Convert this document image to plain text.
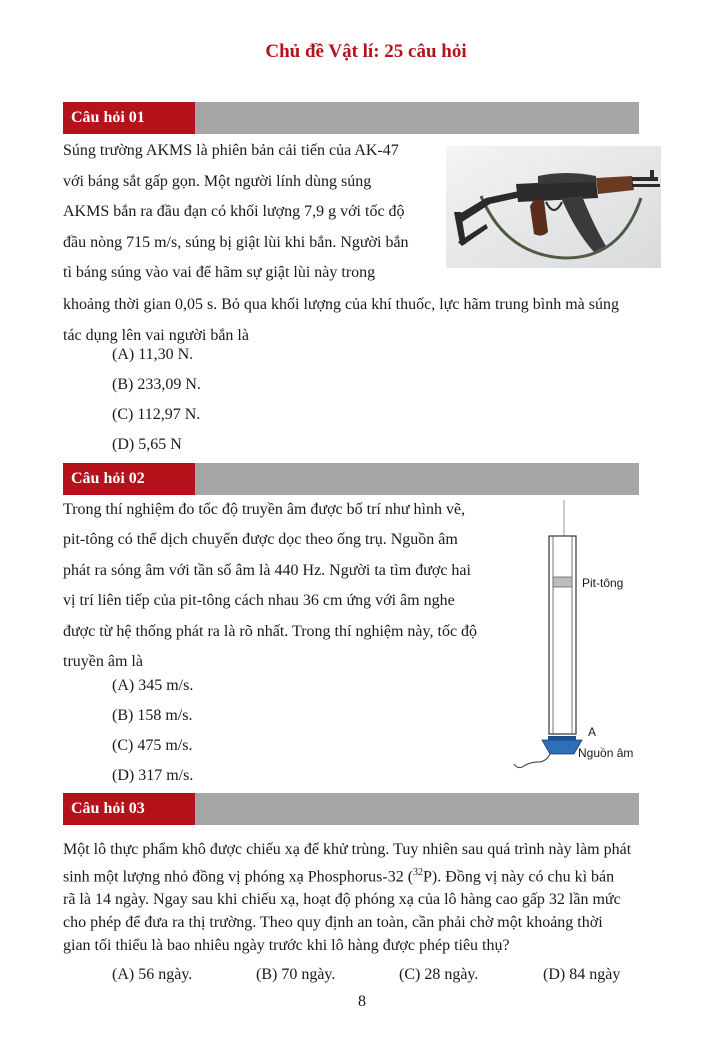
Chủ đề Vật lí: 25 câu hỏi
Câu hỏi 01
Súng trường AKMS là phiên bản cải tiến của AK-47
với báng sắt gấp gọn. Một người lính dùng súng
AKMS bắn ra đầu đạn có khối lượng 7,9 g với tốc độ
đầu nòng 715 m/s, súng bị giật lùi khi bắn. Người bắn
tì báng súng vào vai để hãm sự giật lùi này trong
khoảng thời gian 0,05 s. Bỏ qua khối lượng của khí thuốc, lực hãm trung bình mà súng
tác dụng lên vai người bắn là
(A) 11,30 N.
(B) 233,09 N.
(C) 112,97 N.
(D) 5,65 N
Câu hỏi 02
Trong thí nghiệm đo tốc độ truyền âm được bố trí như hình vẽ,
pit-tông có thể dịch chuyển được dọc theo ống trụ. Nguồn âm
phát ra sóng âm với tần số âm là 440 Hz. Người ta tìm được hai
vị trí liên tiếp của pit-tông cách nhau 36 cm ứng với âm nghe
được từ hệ thống phát ra là rõ nhất. Trong thí nghiệm này, tốc độ
truyền âm là
(A) 345 m/s.
(B) 158 m/s.
(C) 475 m/s.
(D) 317 m/s.
Pit-tông
A
Nguồn âm
Câu hỏi 03
Một lô thực phẩm khô được chiếu xạ để khử trùng. Tuy nhiên sau quá trình này làm phát
sinh một lượng nhỏ đồng vị phóng xạ Phosphorus-32 ($^{32}$P). Đồng vị này có chu kì bán
rã là 14 ngày. Ngay sau khi chiếu xạ, hoạt độ phóng xạ của lô hàng cao gấp 32 lần mức
cho phép để đưa ra thị trường. Theo quy định an toàn, cần phải chờ một khoảng thời
gian tối thiểu là bao nhiêu ngày trước khi lô hàng được phép tiêu thụ?
(A) 56 ngày.	(B) 70 ngày.	(C) 28 ngày.	(D) 84 ngày
8
